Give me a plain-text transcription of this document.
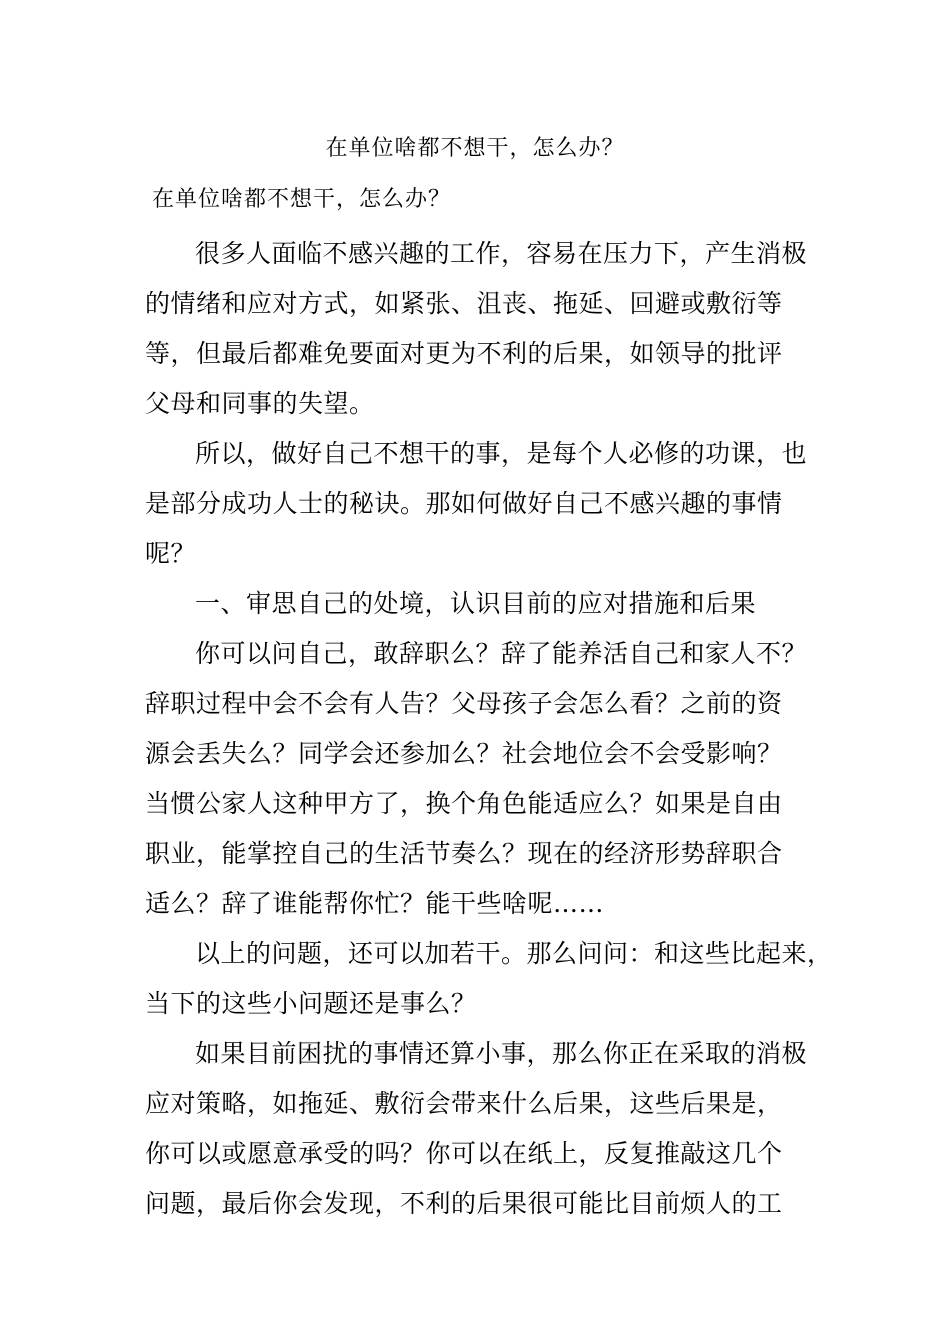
在单位啥都不想干，怎么办？
在单位啥都不想干，怎么办？
很多人面临不感兴趣的工作，容易在压力下，产生消极
的情绪和应对方式，如紧张、沮丧、拖延、回避或敷衍等
等，但最后都难免要面对更为不利的后果，如领导的批评
父母和同事的失望。
所以，做好自己不想干的事，是每个人必修的功课，也
是部分成功人士的秘诀。那如何做好自己不感兴趣的事情
呢？
一、审思自己的处境，认识目前的应对措施和后果
你可以问自己，敢辞职么？辞了能养活自己和家人不？
辞职过程中会不会有人告？父母孩子会怎么看？之前的资
源会丢失么？同学会还参加么？社会地位会不会受影响？
当惯公家人这种甲方了，换个角色能适应么？如果是自由
职业，能掌控自己的生活节奏么？现在的经济形势辞职合
适么？辞了谁能帮你忙？能干些啥呢……
以上的问题，还可以加若干。那么问问：和这些比起来，
当下的这些小问题还是事么？
如果目前困扰的事情还算小事，那么你正在采取的消极
应对策略，如拖延、敷衍会带来什么后果，这些后果是，
你可以或愿意承受的吗？你可以在纸上，反复推敲这几个
问题，最后你会发现，不利的后果很可能比目前烦人的工
